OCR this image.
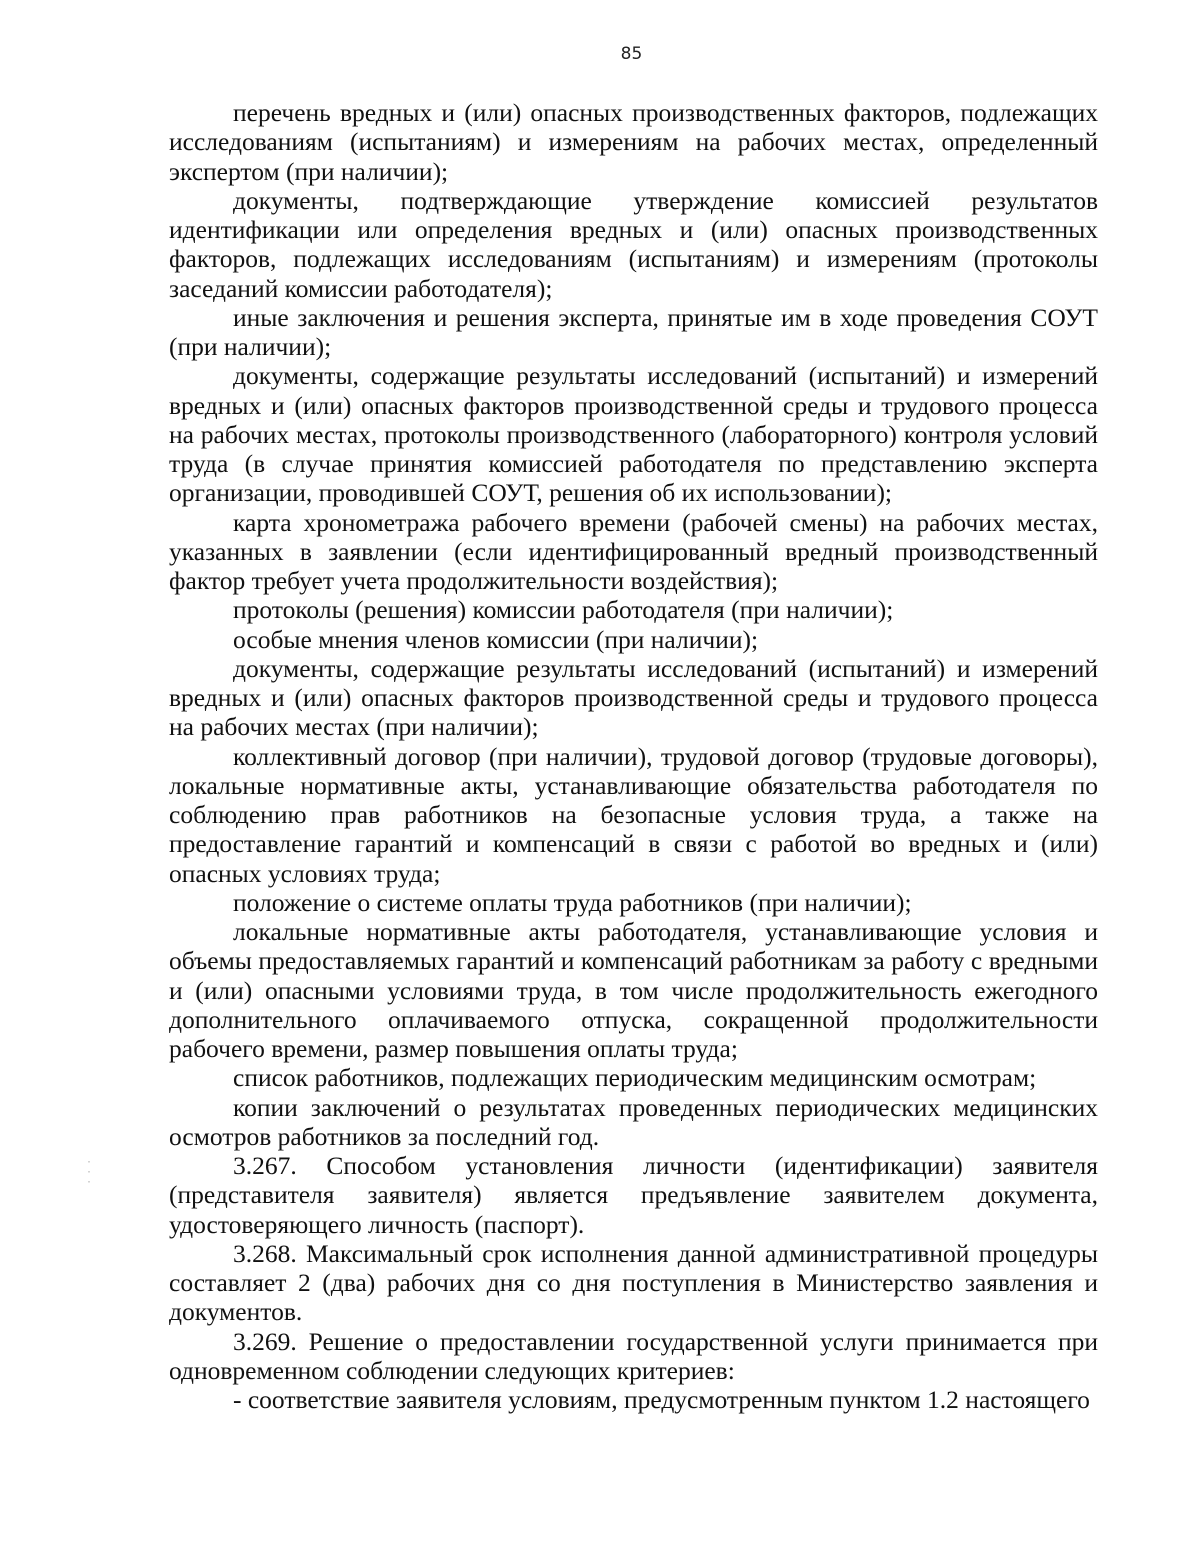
85

перечень вредных и (или) опасных производственных факторов, подлежащих исследованиям (испытаниям) и измерениям на рабочих местах, определенный экспертом (при наличии);

документы, подтверждающие утверждение комиссией результатов идентификации или определения вредных и (или) опасных производственных факторов, подлежащих исследованиям (испытаниям) и измерениям (протоколы заседаний комиссии работодателя);

иные заключения и решения эксперта, принятые им в ходе проведения СОУТ (при наличии);

документы, содержащие результаты исследований (испытаний) и измерений вредных и (или) опасных факторов производственной среды и трудового процесса на рабочих местах, протоколы производственного (лабораторного) контроля условий труда (в случае принятия комиссией работодателя по представлению эксперта организации, проводившей СОУТ, решения об их использовании);

карта хронометража рабочего времени (рабочей смены) на рабочих местах, указанных в заявлении (если идентифицированный вредный производственный фактор требует учета продолжительности воздействия);

протоколы (решения) комиссии работодателя (при наличии);

особые мнения членов комиссии (при наличии);

документы, содержащие результаты исследований (испытаний) и измерений вредных и (или) опасных факторов производственной среды и трудового процесса на рабочих местах (при наличии);

коллективный договор (при наличии), трудовой договор (трудовые договоры), локальные нормативные акты, устанавливающие обязательства работодателя по соблюдению прав работников на безопасные условия труда, а также на предоставление гарантий и компенсаций в связи с работой во вредных и (или) опасных условиях труда;

положение о системе оплаты труда работников (при наличии);

локальные нормативные акты работодателя, устанавливающие условия и объемы предоставляемых гарантий и компенсаций работникам за работу с вредными и (или) опасными условиями труда, в том числе продолжительность ежегодного дополнительного оплачиваемого отпуска, сокращенной продолжительности рабочего времени, размер повышения оплаты труда;

список работников, подлежащих периодическим медицинским осмотрам;

копии заключений о результатах проведенных периодических медицинских осмотров работников за последний год.

3.267. Способом установления личности (идентификации) заявителя (представителя заявителя) является предъявление заявителем документа, удостоверяющего личность (паспорт).

3.268. Максимальный срок исполнения данной административной процедуры составляет 2 (два) рабочих дня со дня поступления в Министерство заявления и документов.

3.269. Решение о предоставлении государственной услуги принимается при одновременном соблюдении следующих критериев:

- соответствие заявителя условиям, предусмотренным пунктом 1.2 настоящего

·
·
·
